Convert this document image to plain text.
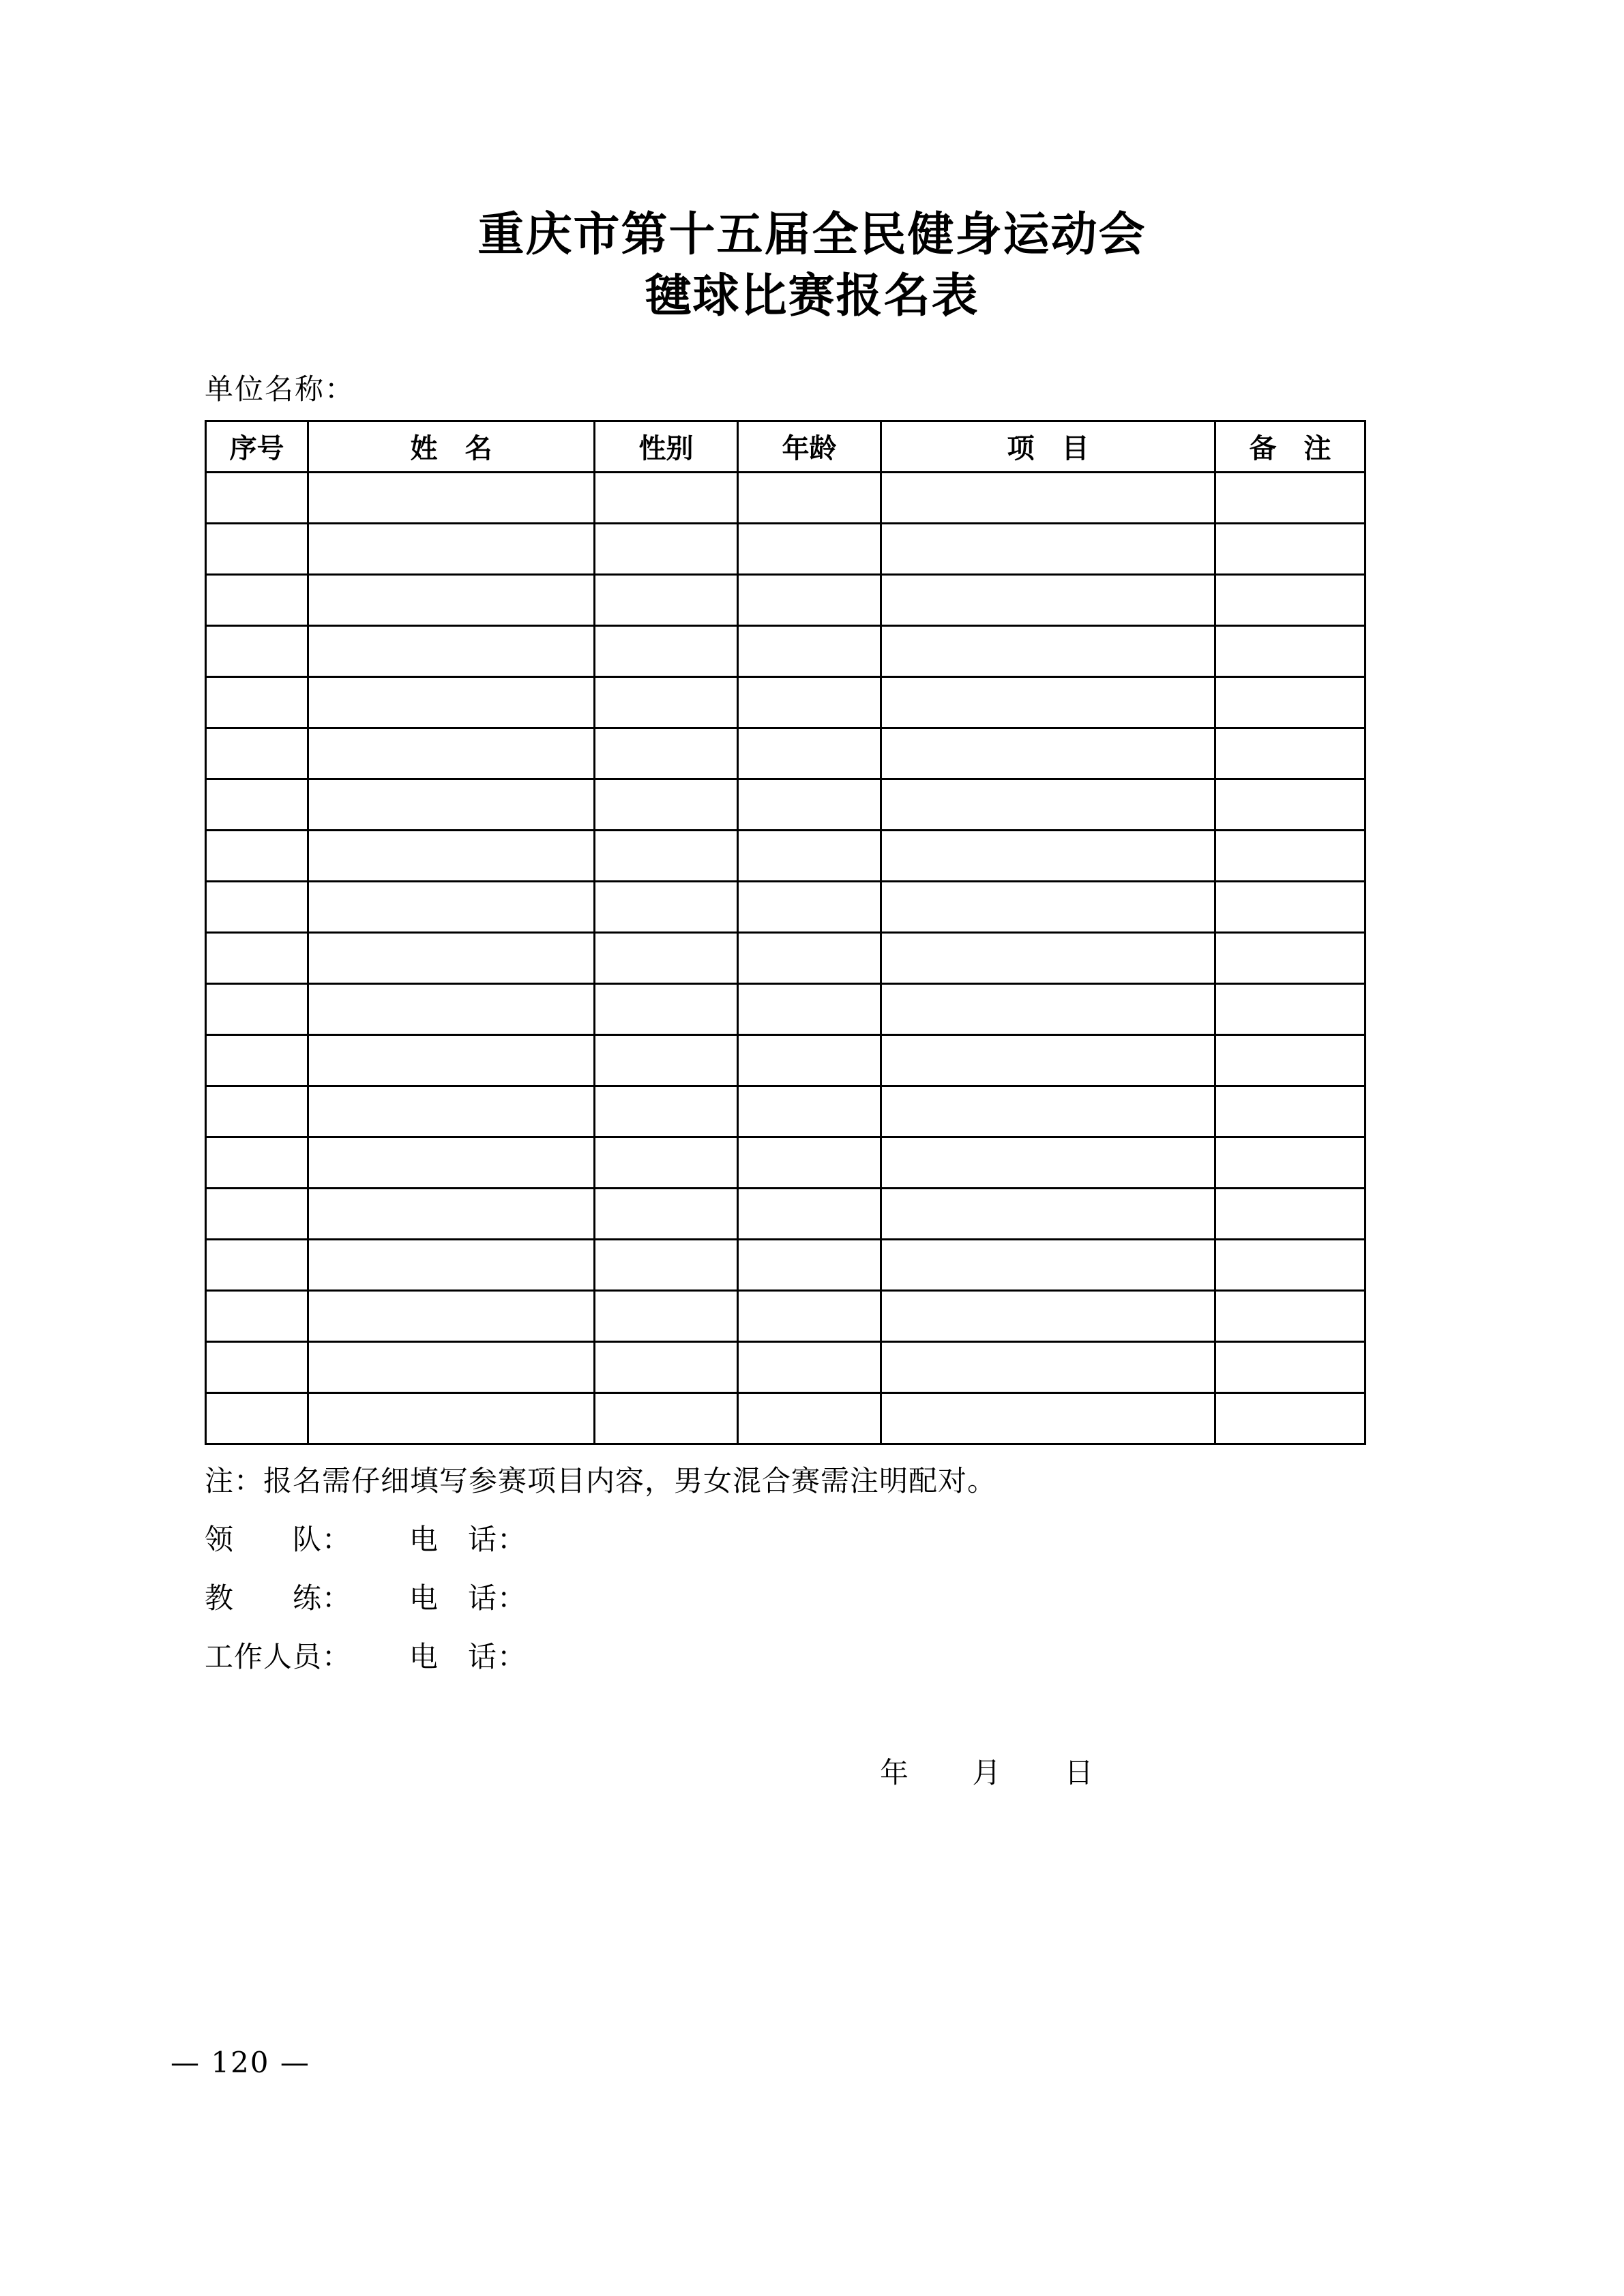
重庆市第十五届全民健身运动会
毽球比赛报名表
单位名称：
序号	姓　名	性别	年龄	项　目	备　注

注：报名需仔细填写参赛项目内容，男女混合赛需注明配对。
领　　队：	电　话：
教　　练：	电　话：
工作人员：	电　话：
年 月 日
— 120 —
